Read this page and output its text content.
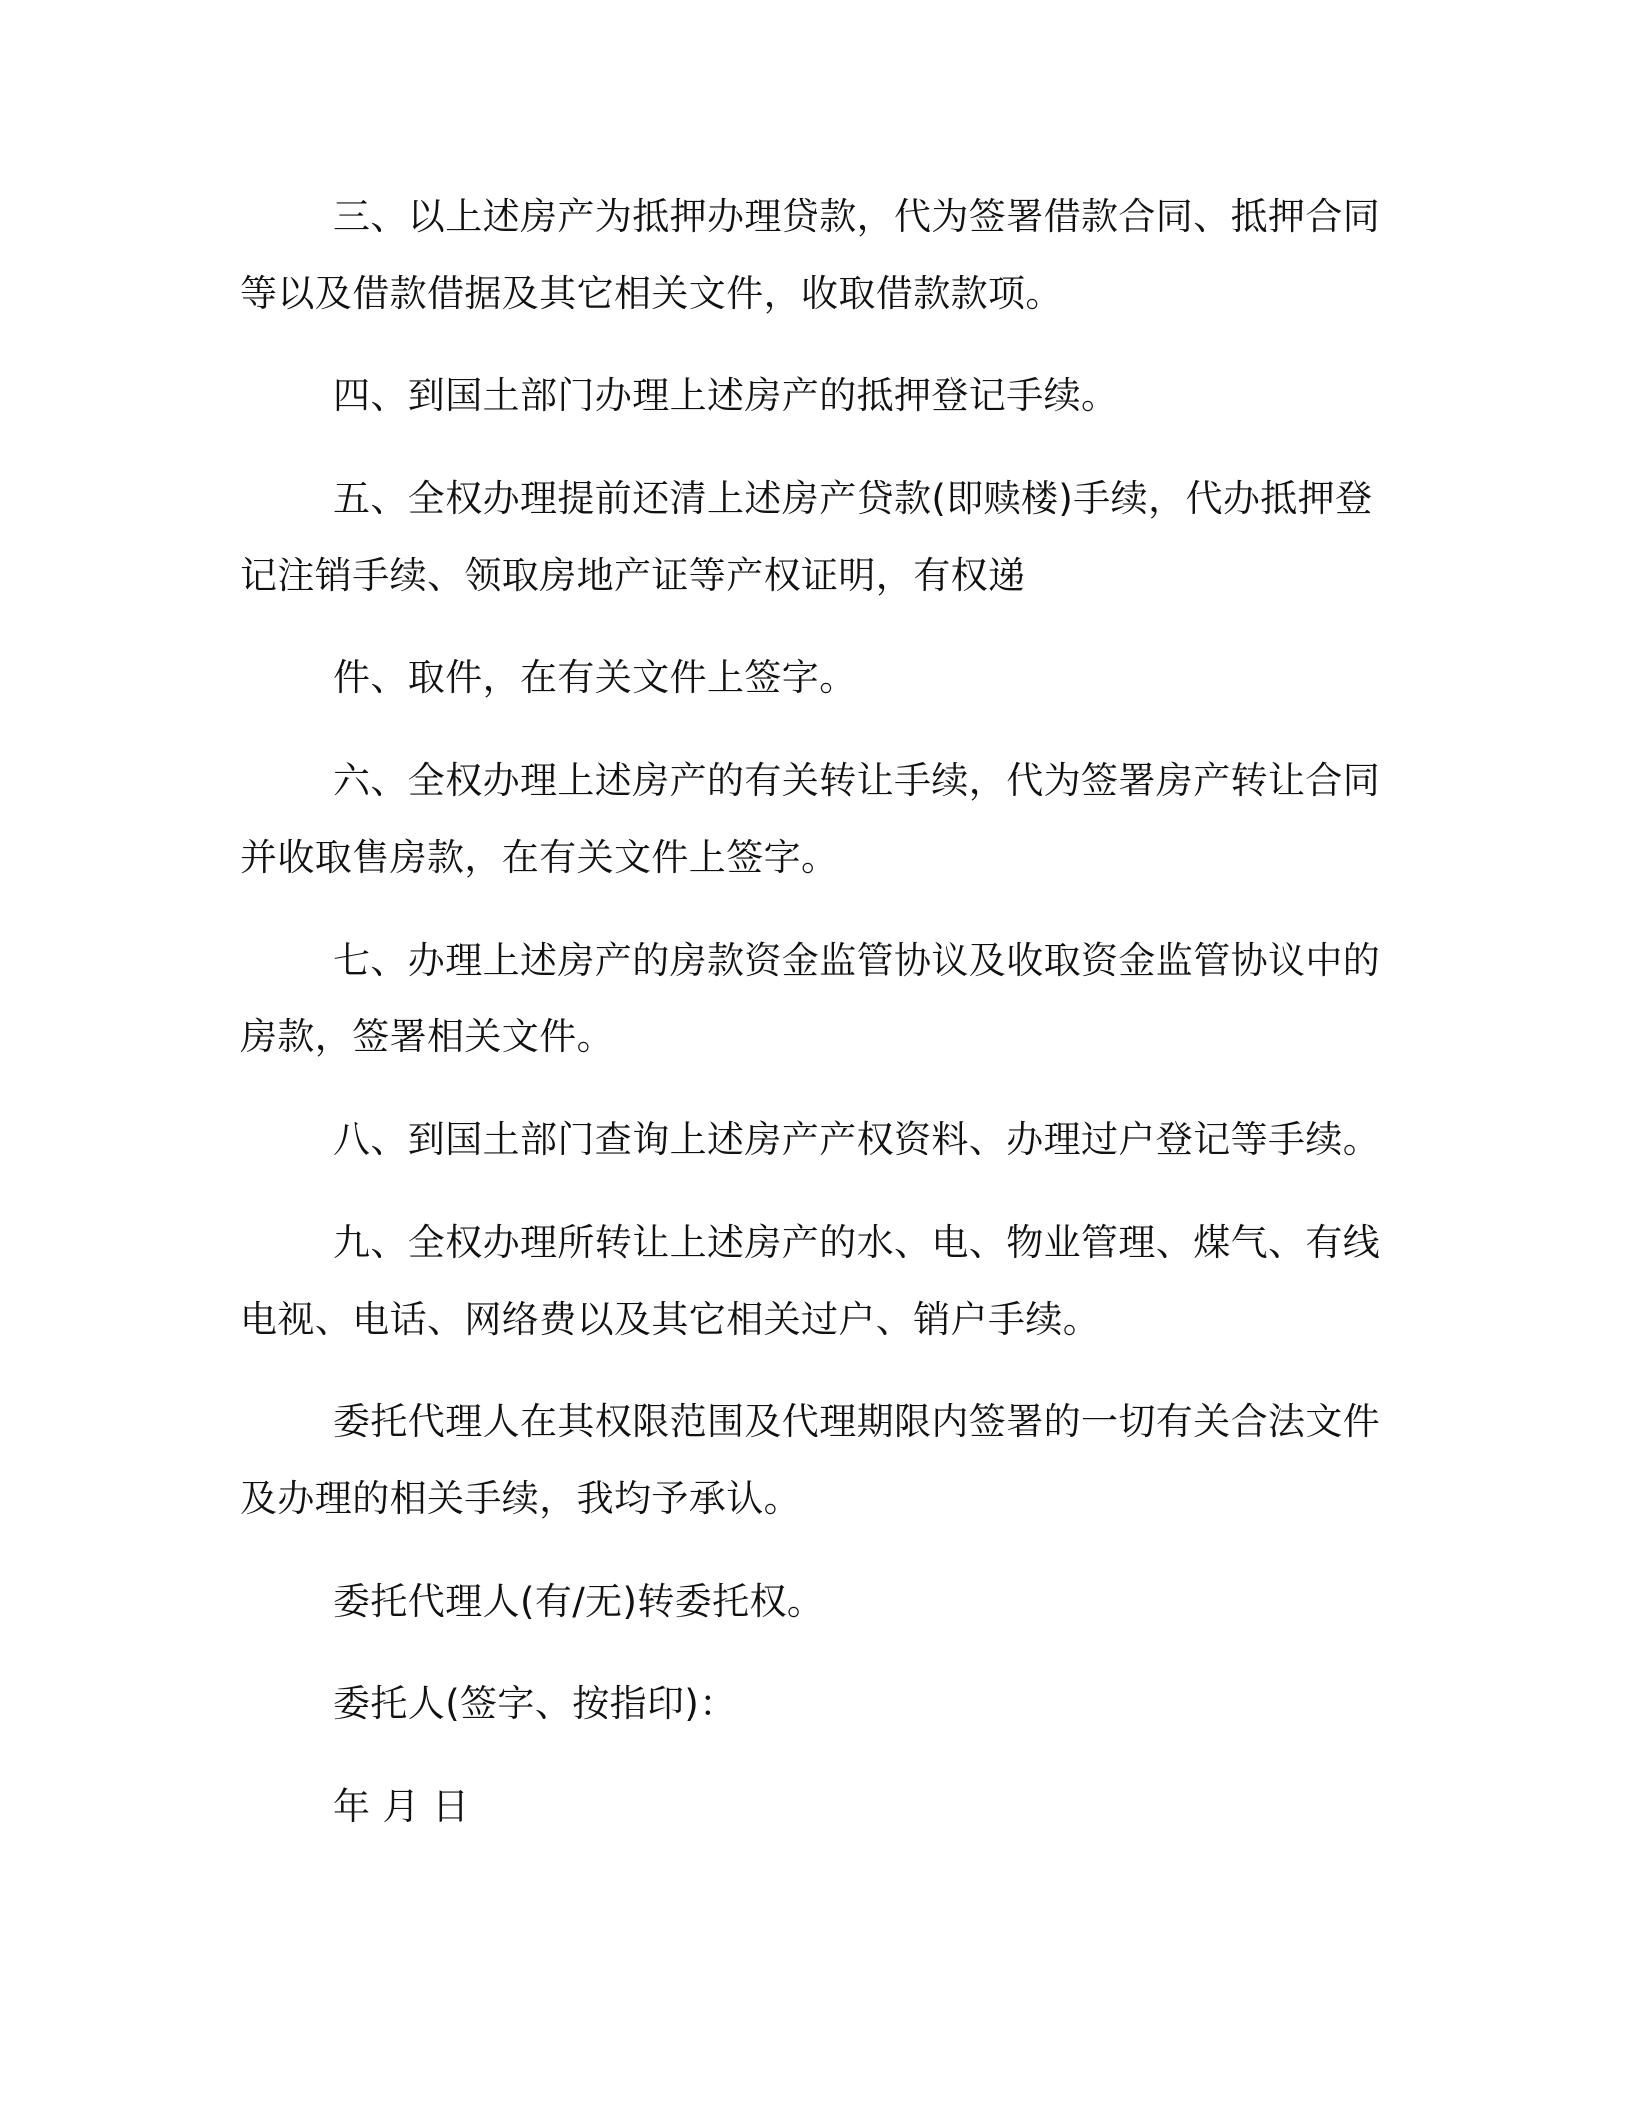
三、以上述房产为抵押办理贷款，代为签署借款合同、抵押合同
等以及借款借据及其它相关文件，收取借款款项。
四、到国土部门办理上述房产的抵押登记手续。
五、全权办理提前还清上述房产贷款(即赎楼)手续，代办抵押登
记注销手续、领取房地产证等产权证明，有权递
件、取件，在有关文件上签字。
六、全权办理上述房产的有关转让手续，代为签署房产转让合同
并收取售房款，在有关文件上签字。
七、办理上述房产的房款资金监管协议及收取资金监管协议中的
房款，签署相关文件。
八、到国土部门查询上述房产产权资料、办理过户登记等手续。
九、全权办理所转让上述房产的水、电、物业管理、煤气、有线
电视、电话、网络费以及其它相关过户、销户手续。
委托代理人在其权限范围及代理期限内签署的一切有关合法文件
及办理的相关手续，我均予承认。
委托代理人(有/无)转委托权。
委托人(签字、按指印)：
年 月 日
